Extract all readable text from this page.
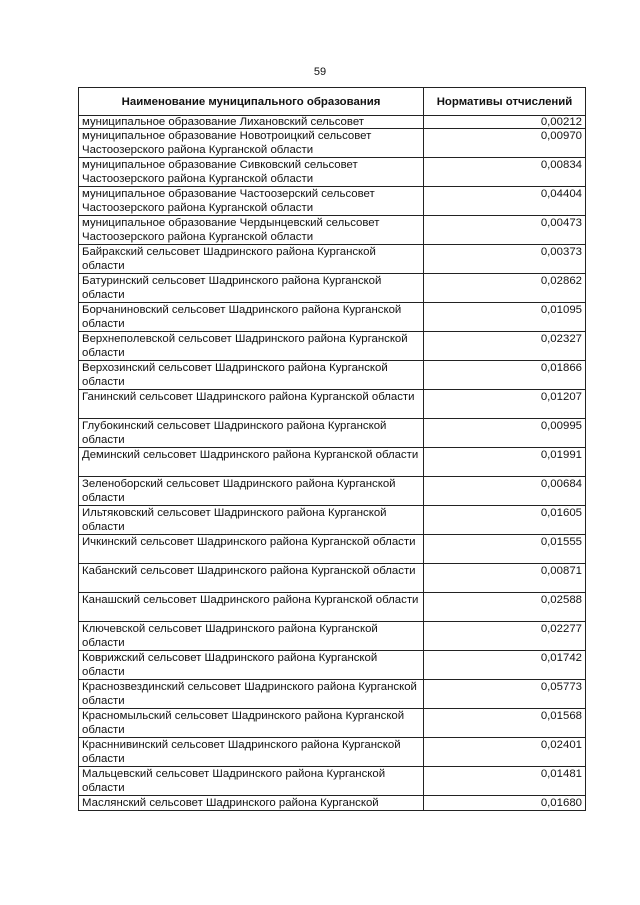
59
Наименование муниципального образования	Нормативы отчислений
муниципальное образование Лихановский сельсовет	0,00212
муниципальное образование Новотроицкий сельсовет Частоозерского района Курганской области	0,00970
муниципальное образование Сивковский сельсовет Частоозерского района Курганской области	0,00834
муниципальное образование Частоозерский сельсовет Частоозерского района Курганской области	0,04404
муниципальное образование Чердынцевский сельсовет Частоозерского района Курганской области	0,00473
Байракский сельсовет Шадринского района Курганской области	0,00373
Батуринский сельсовет Шадринского района Курганской области	0,02862
Борчаниновский сельсовет Шадринского района Курганской области	0,01095
Верхнеполевской сельсовет Шадринского района Курганской области	0,02327
Верхозинский сельсовет Шадринского района Курганской области	0,01866
Ганинский сельсовет Шадринского района Курганской области	0,01207
Глубокинский сельсовет Шадринского района Курганской области	0,00995
Деминский сельсовет Шадринского района Курганской области	0,01991
Зеленоборский сельсовет Шадринского района Курганской области	0,00684
Ильтяковский сельсовет Шадринского района Курганской области	0,01605
Ичкинский сельсовет Шадринского района Курганской области	0,01555
Кабанский сельсовет Шадринского района Курганской области	0,00871
Канашский сельсовет Шадринского района Курганской области	0,02588
Ключевской сельсовет Шадринского района Курганской области	0,02277
Коврижский сельсовет Шадринского района Курганской области	0,01742
Краснозвездинский сельсовет Шадринского района Курганской области	0,05773
Красномыльский сельсовет Шадринского района Курганской области	0,01568
Красннивинский сельсовет Шадринского района Курганской области	0,02401
Мальцевский сельсовет Шадринского района Курганской области	0,01481
Маслянский сельсовет Шадринского района Курганской	0,01680
